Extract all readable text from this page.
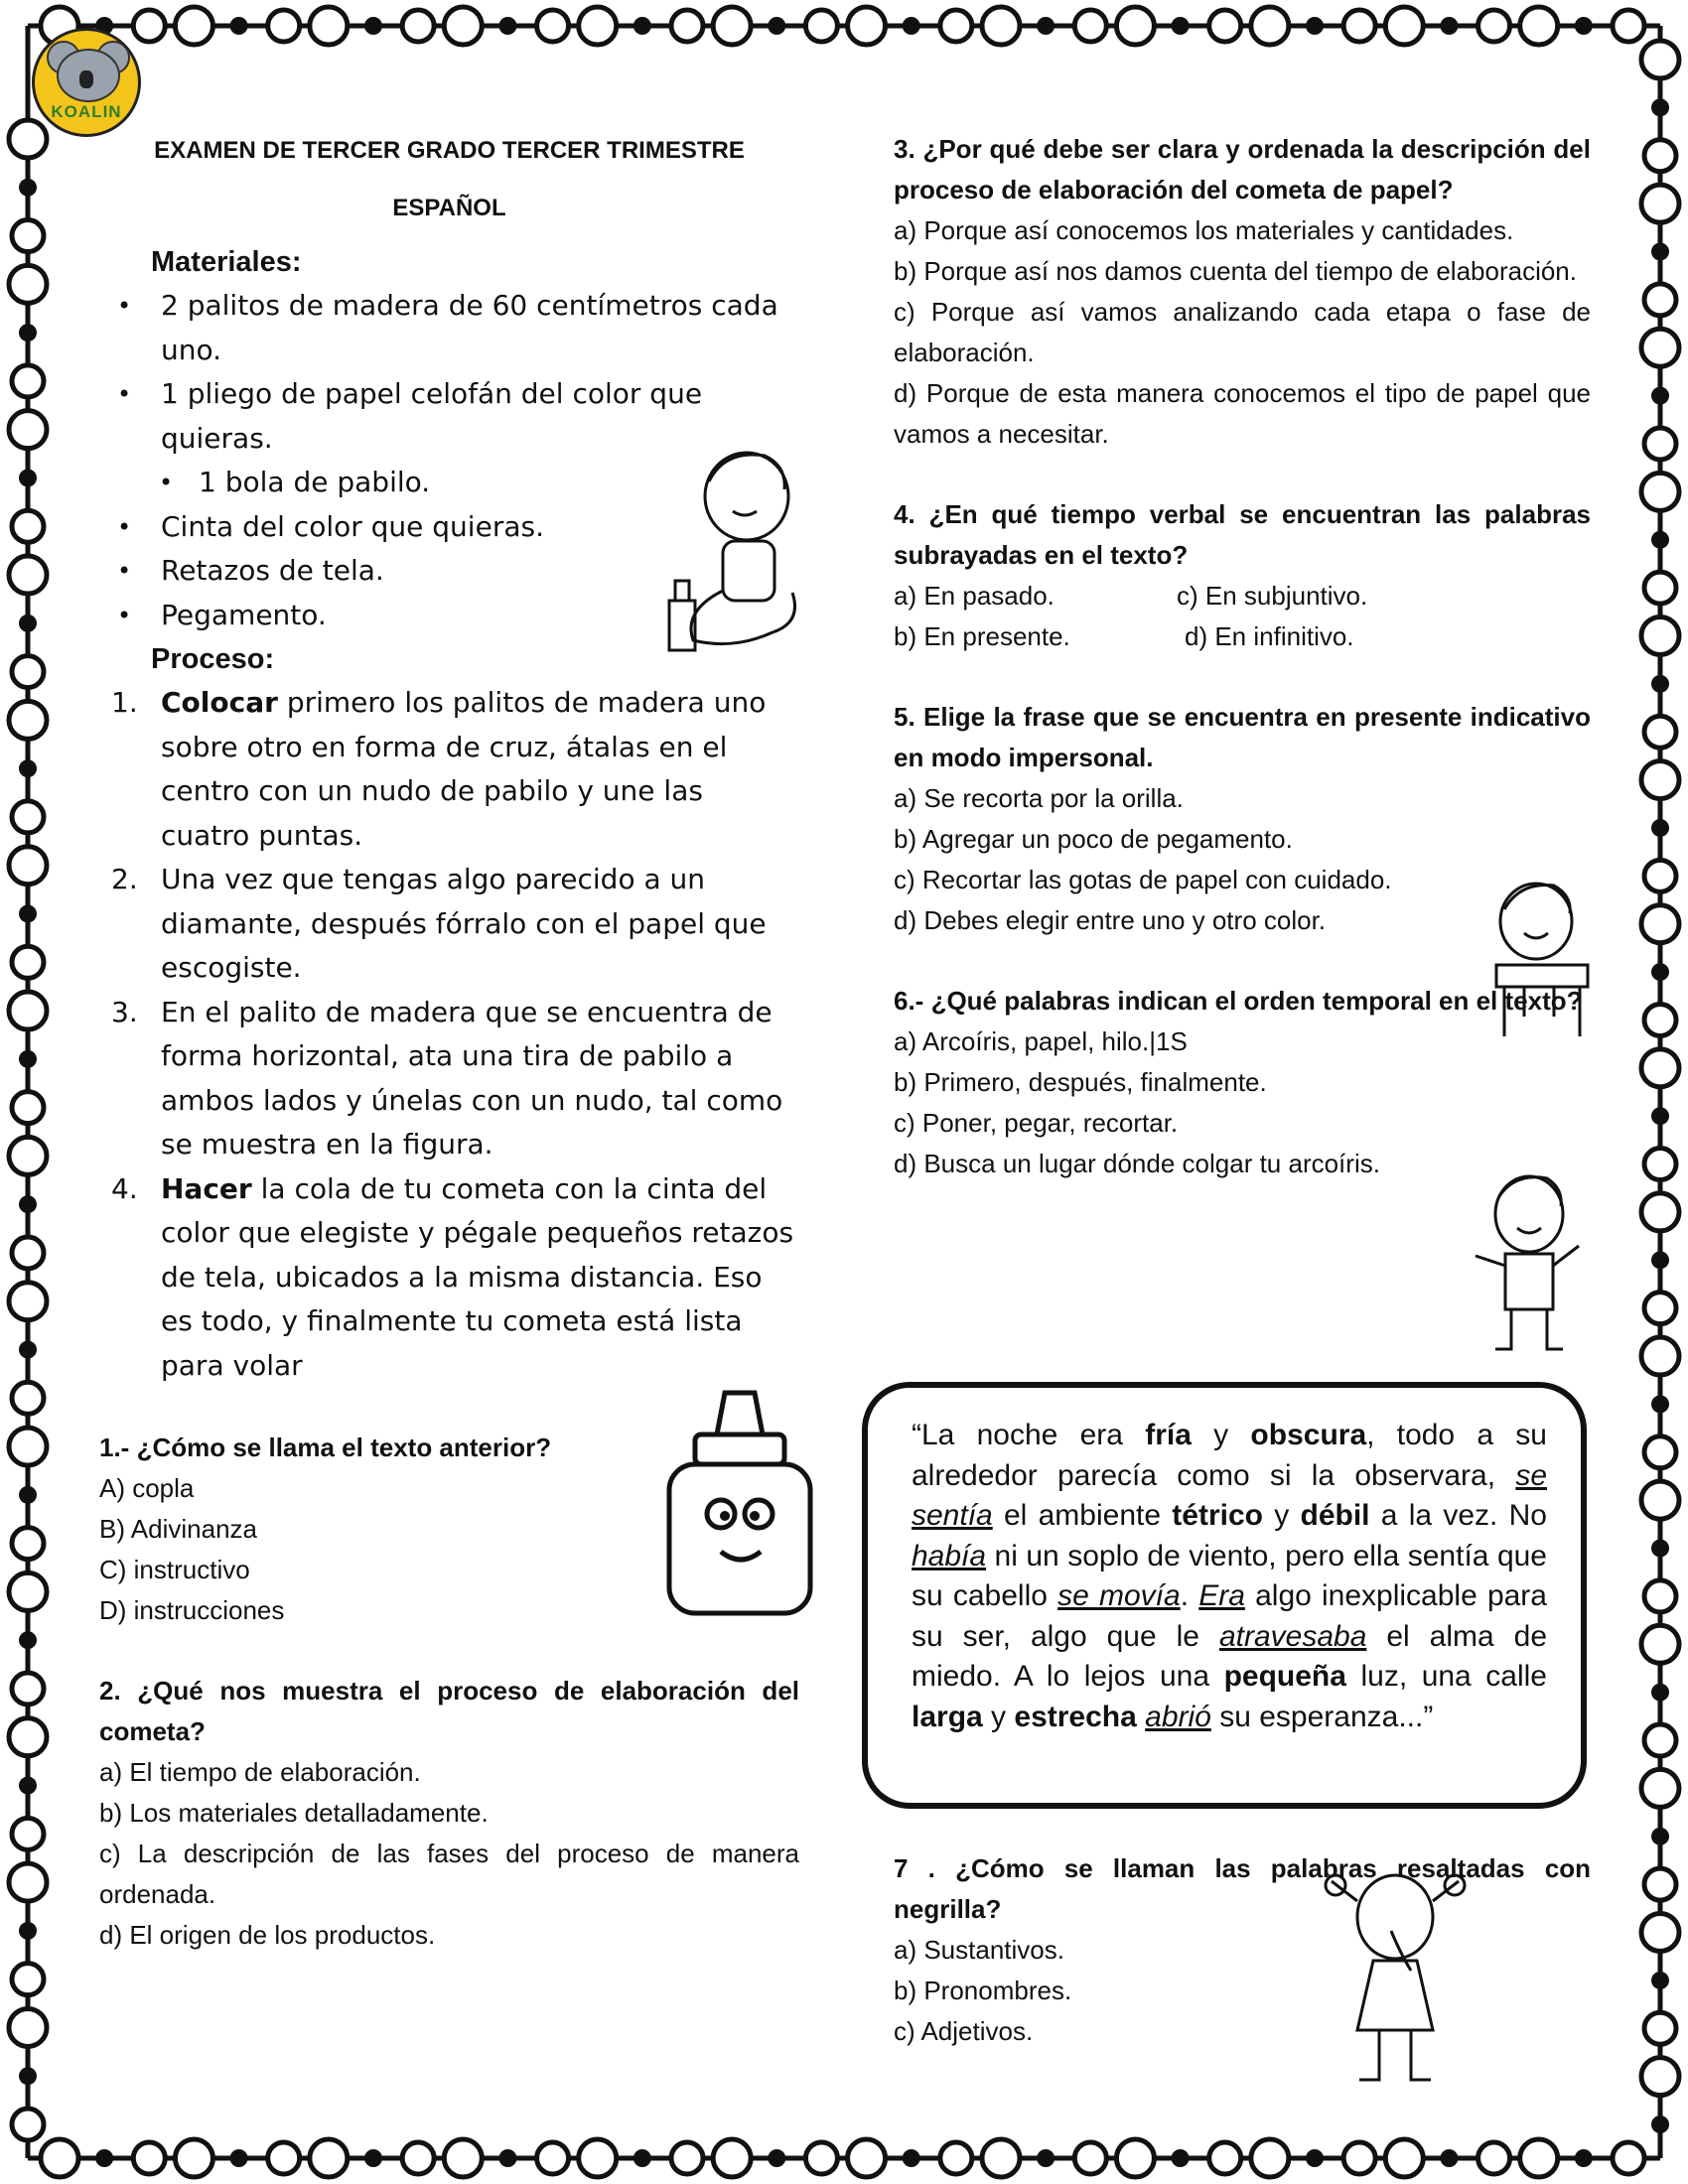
KOALIN
EXAMEN DE TERCER GRADO TERCER TRIMESTRE
ESPAÑOL
Materiales:
• 2 palitos de madera de 60 centímetros cada uno.
• 1 pliego de papel celofán del color que quieras.
• 1 bola de pabilo.
• Cinta del color que quieras.
• Retazos de tela.
• Pegamento.
Proceso:
1. Colocar primero los palitos de madera uno sobre otro en forma de cruz, átalas en el centro con un nudo de pabilo y une las cuatro puntas.
2. Una vez que tengas algo parecido a un diamante, después fórralo con el papel que escogiste.
3. En el palito de madera que se encuentra de forma horizontal, ata una tira de pabilo a ambos lados y únelas con un nudo, tal como se muestra en la figura.
4. Hacer la cola de tu cometa con la cinta del color que elegiste y pégale pequeños retazos de tela, ubicados a la misma distancia. Eso es todo, y finalmente tu cometa está lista para volar
1.- ¿Cómo se llama el texto anterior?
A) copla
B) Adivinanza
C) instructivo
D) instrucciones
2. ¿Qué nos muestra el proceso de elaboración del cometa?
a) El tiempo de elaboración.
b) Los materiales detalladamente.
c) La descripción de las fases del proceso de manera ordenada.
d) El origen de los productos.
3. ¿Por qué debe ser clara y ordenada la descripción del proceso de elaboración del cometa de papel?
a) Porque así conocemos los materiales y cantidades.
b) Porque así nos damos cuenta del tiempo de elaboración.
c) Porque así vamos analizando cada etapa o fase de elaboración.
d) Porque de esta manera conocemos el tipo de papel que vamos a necesitar.
4. ¿En qué tiempo verbal se encuentran las palabras subrayadas en el texto?
a) En pasado.	c) En subjuntivo.
b) En presente.	d) En infinitivo.
5. Elige la frase que se encuentra en presente indicativo en modo impersonal.
a) Se recorta por la orilla.
b) Agregar un poco de pegamento.
c) Recortar las gotas de papel con cuidado.
d) Debes elegir entre uno y otro color.
6.- ¿Qué palabras indican el orden temporal en el texto?
a) Arcoíris, papel, hilo.|1S
b) Primero, después, finalmente.
c) Poner, pegar, recortar.
d) Busca un lugar dónde colgar tu arcoíris.
“La noche era fría y obscura, todo a su alrededor parecía como si la observara, se sentía el ambiente tétrico y débil a la vez. No había ni un soplo de viento, pero ella sentía que su cabello se movía. Era algo inexplicable para su ser, algo que le atravesaba el alma de miedo. A lo lejos una pequeña luz, una calle larga y estrecha abrió su esperanza...”
7 . ¿Cómo se llaman las palabras resaltadas con negrilla?
a) Sustantivos.
b) Pronombres.
c) Adjetivos.
